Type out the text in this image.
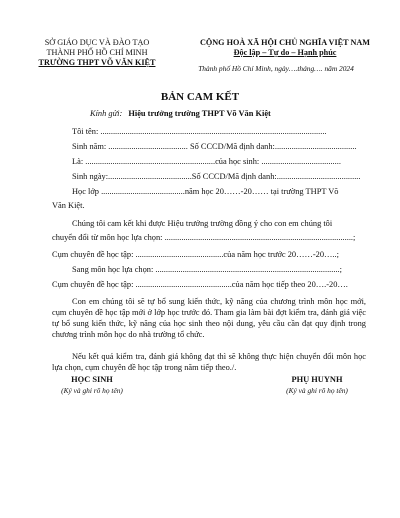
SỞ GIÁO DỤC VÀ ĐÀO TẠO
THÀNH PHỐ HỒ CHÍ MINH
TRƯỜNG THPT VÕ VĂN KIỆT
CỘNG HOÀ XÃ HỘI CHỦ NGHĨA VIỆT NAM
Độc lập – Tự do – Hạnh phúc
Thành phố Hồ Chí Minh, ngày….tháng…. năm 2024
BẢN CAM KẾT
Kính gửi: Hiệu trưởng trường THPT Võ Văn Kiệt
Tôi tên: ............................................................................................................
Sinh năm: ...................................... Số CCCD/Mã định danh:.......................................
Là: ..............................................................của học sinh: ......................................
Sinh ngày:........................................Số CCCD/Mã định danh:........................................
Học lớp ........................................năm học 20……-20…… tại trường THPT Võ
Văn Kiệt.
Chúng tôi cam kết khi được Hiệu trưởng trường đồng ý cho con em chúng tôi
chuyển đổi từ môn học lựa chọn: ..........................................................................................;
Cụm chuyên đề học tập: ..........................................của năm học trước 20……-20…..;
Sang môn học lựa chọn: ........................................................................................;
Cụm chuyên đề học tập: ..............................................của năm học tiếp theo 20….-20….
Con em chúng tôi sẽ tự bổ sung kiến thức, kỹ năng của chương trình môn học mới, cụm chuyên đề học tập mới ở lớp học trước đó. Tham gia làm bài đợt kiểm tra, đánh giá việc tự bổ sung kiến thức, kỹ năng của học sinh theo nội dung, yêu cầu cần đạt quy định trong chương trình môn học do nhà trường tổ chức.
Nếu kết quả kiểm tra, đánh giá không đạt thì sẽ không thực hiện chuyển đổi môn học lựa chọn, cụm chuyên đề học tập trong năm tiếp theo./.
HỌC SINH
(Ký và ghi rõ họ tên)
PHỤ HUYNH
(Ký và ghi rõ họ tên)
